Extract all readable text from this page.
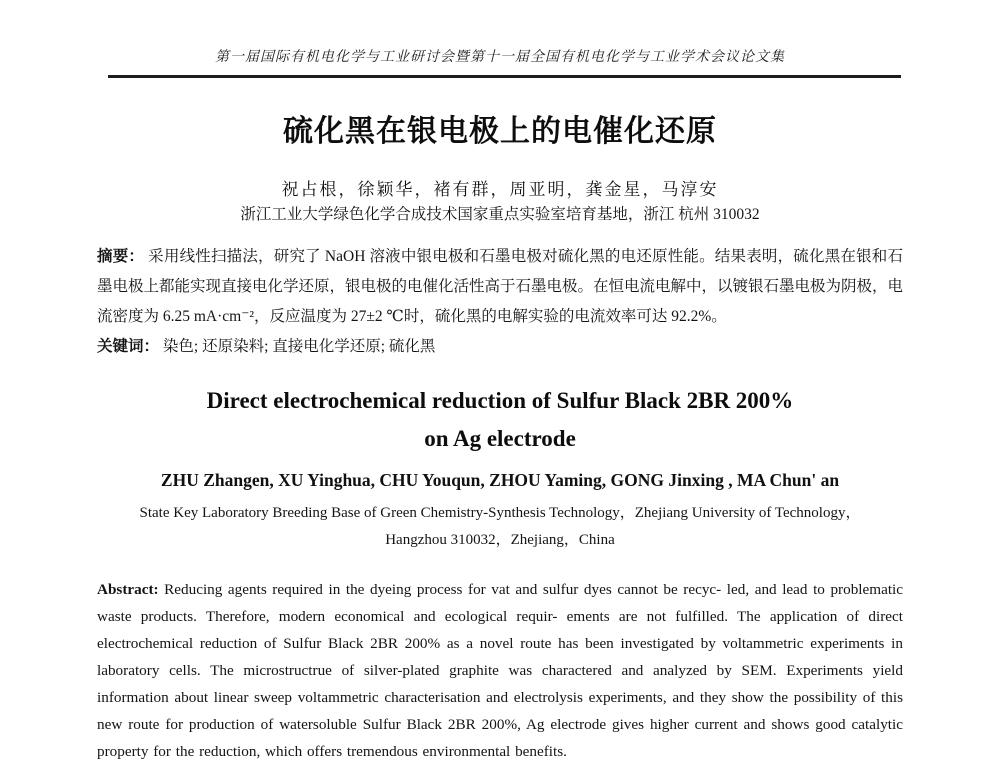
第一届国际有机电化学与工业研讨会暨第十一届全国有机电化学与工业学术会议论文集
硫化黑在银电极上的电催化还原
祝占根，徐颖华，褚有群，周亚明，龚金星，马淳安
浙江工业大学绿色化学合成技术国家重点实验室培育基地，浙江 杭州 310032

摘要： 采用线性扫描法，研究了 NaOH 溶液中银电极和石墨电极对硫化黑的电还原性能。结果表明，硫化黑在银和石墨电极上都能实现直接电化学还原，银电极的电催化活性高于石墨电极。在恒电流电解中，以镀银石墨电极为阴极，电流密度为 6.25 mA·cm⁻²，反应温度为 27±2 ℃时，硫化黑的电解实验的电流效率可达 92.2%。

关键词： 染色; 还原染料; 直接电化学还原; 硫化黑

Direct electrochemical reduction of Sulfur Black 2BR 200%
on Ag electrode
ZHU Zhangen, XU Yinghua, CHU Youqun, ZHOU Yaming, GONG Jinxing , MA Chun' an
State Key Laboratory Breeding Base of Green Chemistry-Synthesis Technology，Zhejiang University of Technology，
Hangzhou 310032，Zhejiang，China

Abstract: Reducing agents required in the dyeing process for vat and sulfur dyes cannot be recyc- led, and lead to problematic waste products. Therefore, modern economical and ecological requir- ements are not fulfilled. The application of direct electrochemical reduction of Sulfur Black 2BR 200% as a novel route has been investigated by voltammetric experiments in laboratory cells. The microstructrue of silver-plated graphite was charactered and analyzed by SEM. Experiments yield information about linear sweep voltammetric characterisation and electrolysis experiments, and they show the possibility of this new route for production of watersoluble Sulfur Black 2BR 200%, Ag electrode gives higher current and shows good catalytic property for the reduction, which offers tremendous environmental benefits.
